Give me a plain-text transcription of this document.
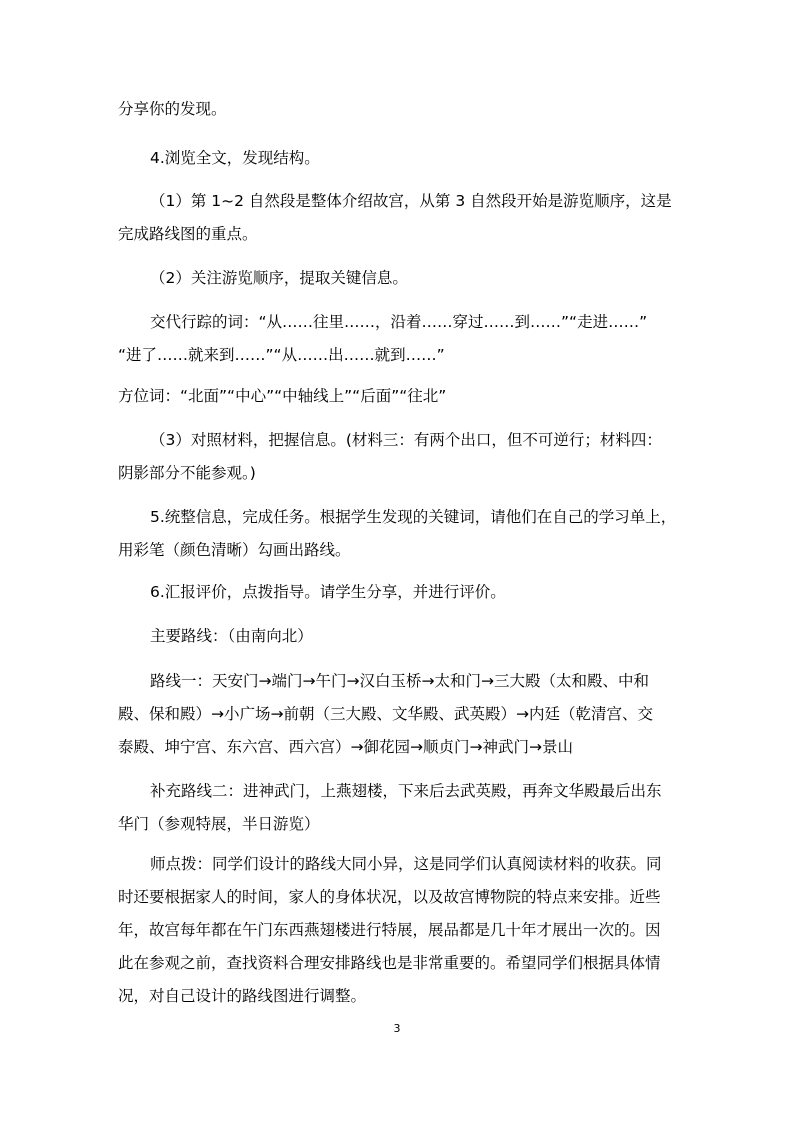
分享你的发现。
4.浏览全文，发现结构。
（1）第 1~2 自然段是整体介绍故宫，从第 3 自然段开始是游览顺序，这是
完成路线图的重点。
（2）关注游览顺序，提取关键信息。
交代行踪的词：“从……往里……，沿着……穿过……到……”“走进……”
“进了……就来到……”“从……出……就到……”
方位词：“北面”“中心”“中轴线上”“后面”“往北”
（3）对照材料，把握信息。(材料三：有两个出口，但不可逆行；材料四：
阴影部分不能参观。)
5.统整信息，完成任务。根据学生发现的关键词，请他们在自己的学习单上，
用彩笔（颜色清晰）勾画出路线。
6.汇报评价，点拨指导。请学生分享，并进行评价。
主要路线：（由南向北）
路线一：天安门→端门→午门→汉白玉桥→太和门→三大殿（太和殿、中和
殿、保和殿）→小广场→前朝（三大殿、文华殿、武英殿）→内廷（乾清宫、交
泰殿、坤宁宫、东六宫、西六宫）→御花园→顺贞门→神武门→景山
补充路线二：进神武门，上燕翅楼，下来后去武英殿，再奔文华殿最后出东
华门（参观特展，半日游览）
师点拨：同学们设计的路线大同小异，这是同学们认真阅读材料的收获。同
时还要根据家人的时间，家人的身体状况，以及故宫博物院的特点来安排。近些
年，故宫每年都在午门东西燕翅楼进行特展，展品都是几十年才展出一次的。因
此在参观之前，查找资料合理安排路线也是非常重要的。希望同学们根据具体情
况，对自己设计的路线图进行调整。
3
